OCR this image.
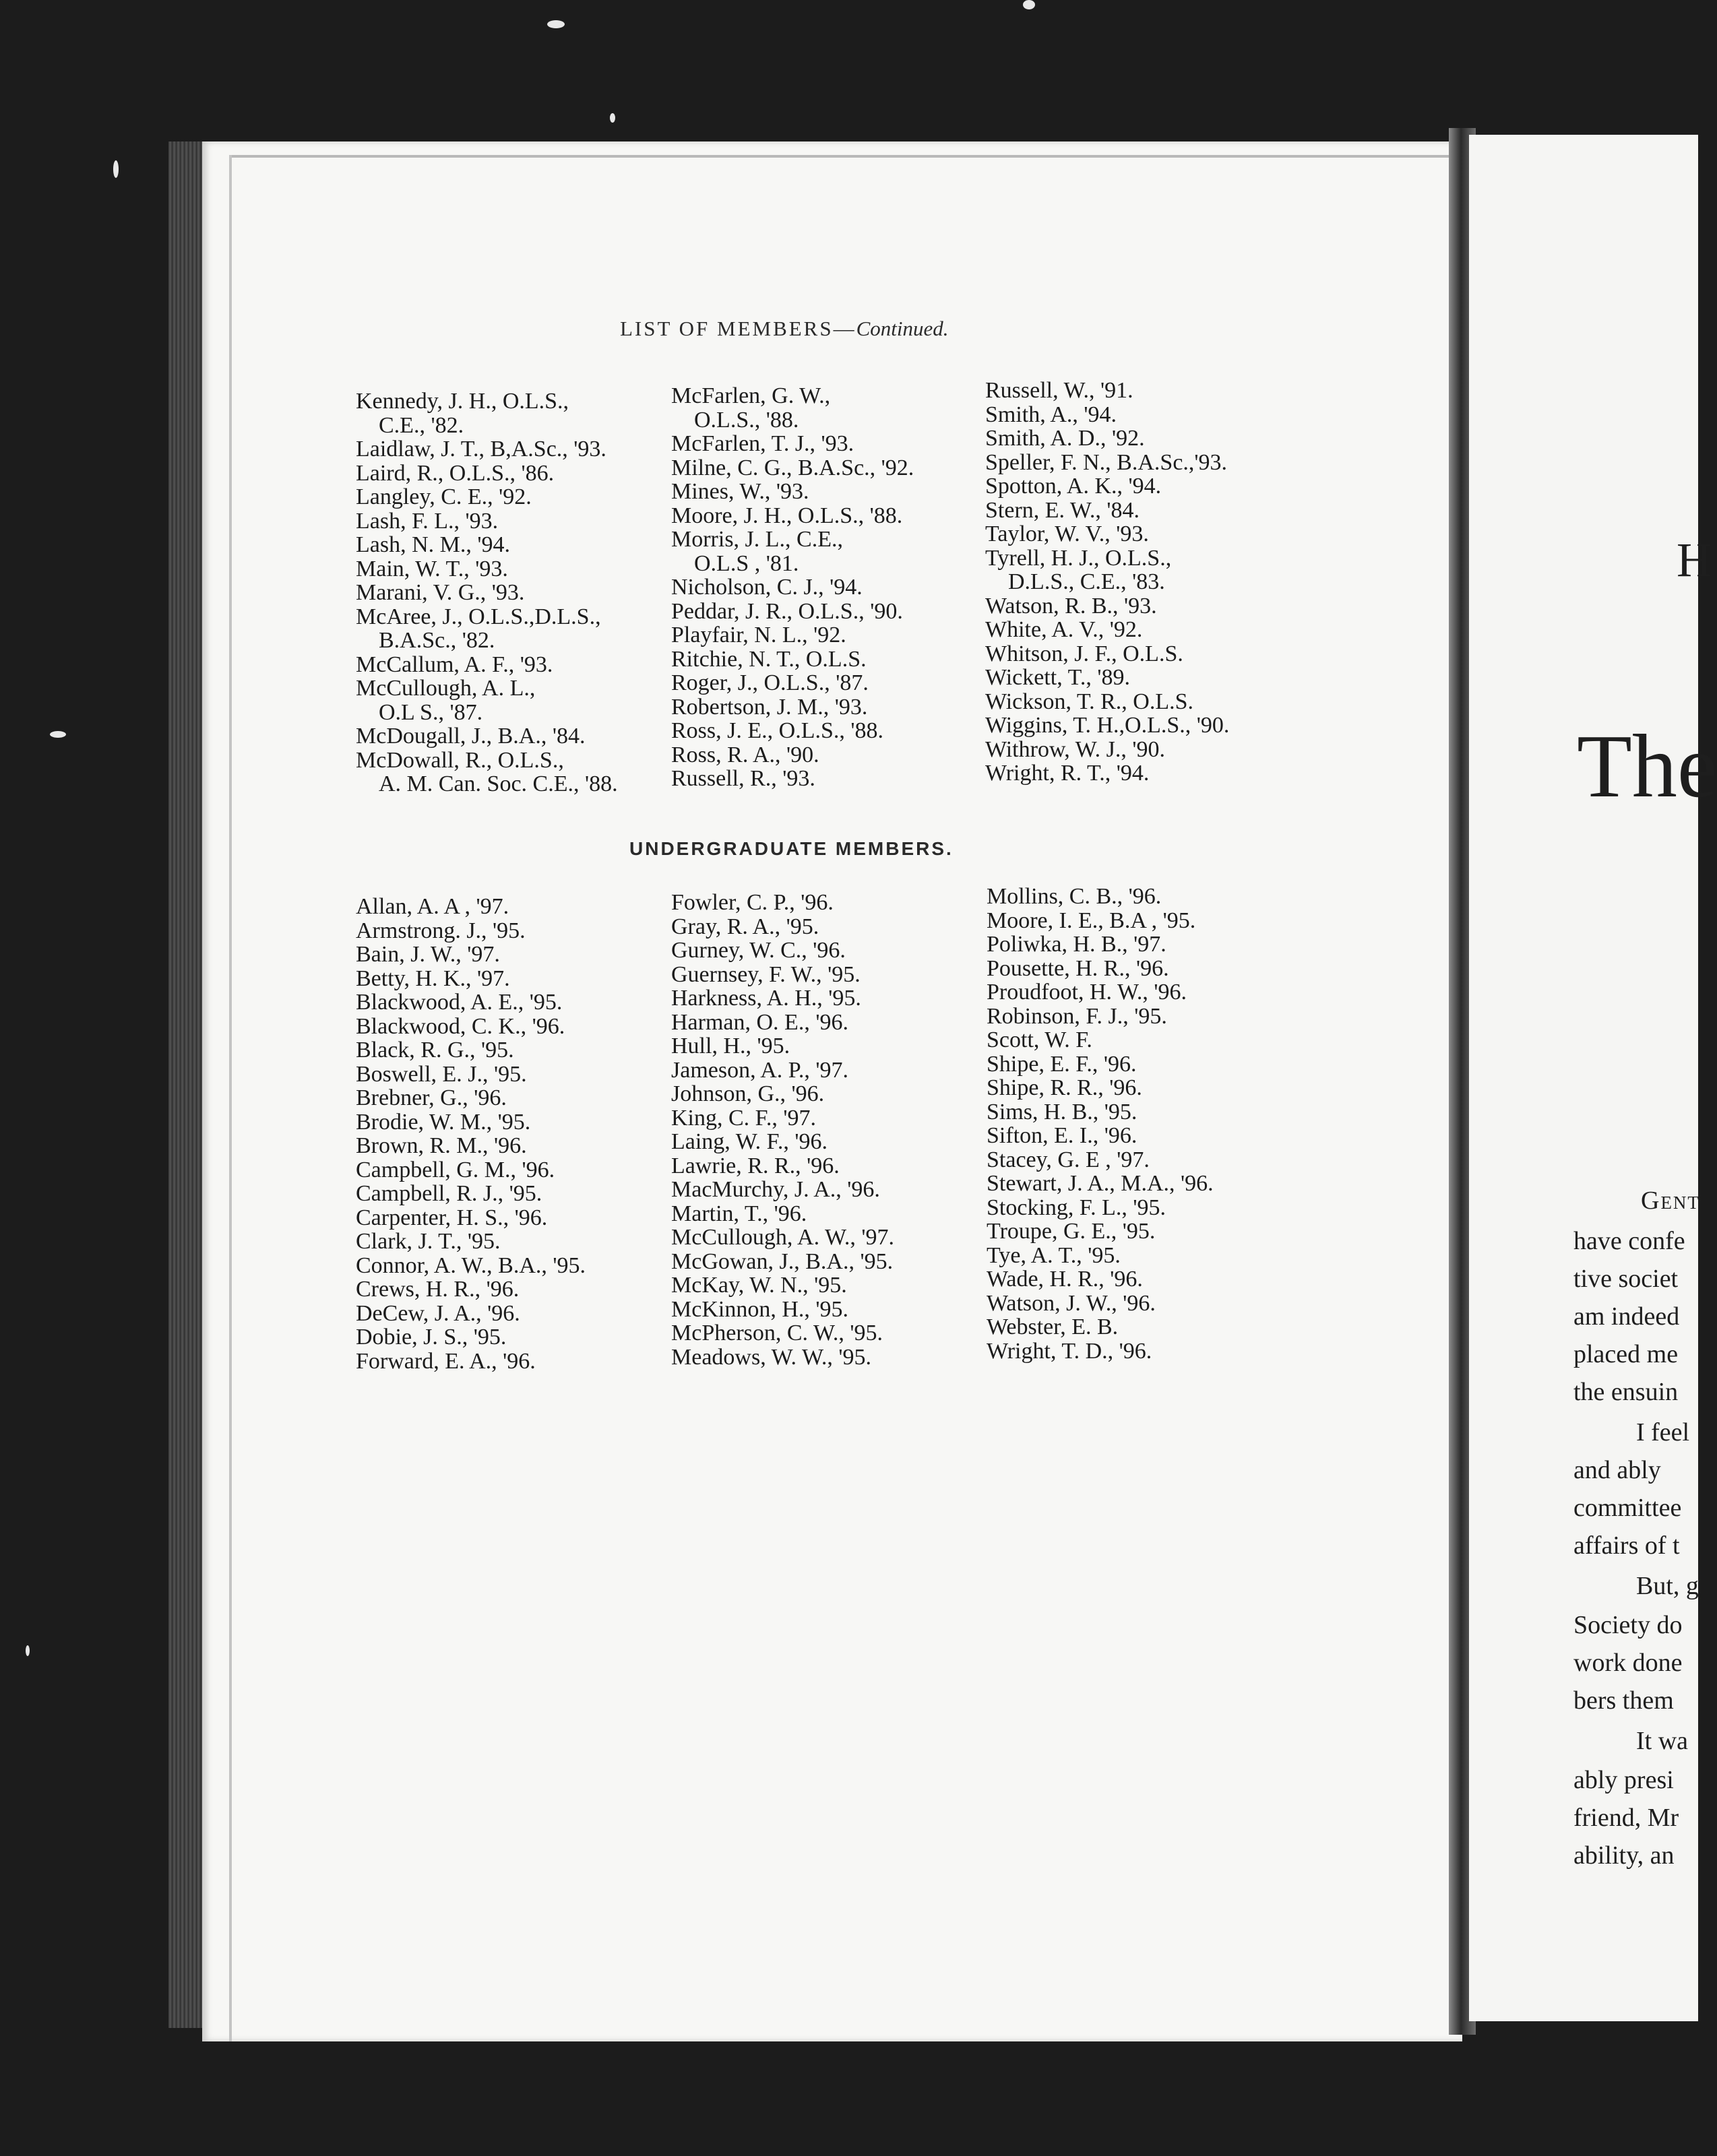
LIST OF MEMBERS—Continued.
Kennedy, J. H., O.L.S.,
C.E., '82.
Laidlaw, J. T., B,A.Sc., '93.
Laird, R., O.L.S., '86.
Langley, C. E., '92.
Lash, F. L., '93.
Lash, N. M., '94.
Main, W. T., '93.
Marani, V. G., '93.
McAree, J., O.L.S.,D.L.S.,
B.A.Sc., '82.
McCallum, A. F., '93.
McCullough, A. L.,
O.L S., '87.
McDougall, J., B.A., '84.
McDowall, R., O.L.S.,
A. M. Can. Soc. C.E., '88.
McFarlen, G. W.,
O.L.S., '88.
McFarlen, T. J., '93.
Milne, C. G., B.A.Sc., '92.
Mines, W., '93.
Moore, J. H., O.L.S., '88.
Morris, J. L., C.E.,
O.L.S , '81.
Nicholson, C. J., '94.
Peddar, J. R., O.L.S., '90.
Playfair, N. L., '92.
Ritchie, N. T., O.L.S.
Roger, J., O.L.S., '87.
Robertson, J. M., '93.
Ross, J. E., O.L.S., '88.
Ross, R. A., '90.
Russell, R., '93.
Russell, W., '91.
Smith, A., '94.
Smith, A. D., '92.
Speller, F. N., B.A.Sc.,'93.
Spotton, A. K., '94.
Stern, E. W., '84.
Taylor, W. V., '93.
Tyrell, H. J., O.L.S.,
D.L.S., C.E., '83.
Watson, R. B., '93.
White, A. V., '92.
Whitson, J. F., O.L.S.
Wickett, T., '89.
Wickson, T. R., O.L.S.
Wiggins, T. H.,O.L.S., '90.
Withrow, W. J., '90.
Wright, R. T., '94.
UNDERGRADUATE MEMBERS.
Allan, A. A , '97.
Armstrong. J., '95.
Bain, J. W., '97.
Betty, H. K., '97.
Blackwood, A. E., '95.
Blackwood, C. K., '96.
Black, R. G., '95.
Boswell, E. J., '95.
Brebner, G., '96.
Brodie, W. M., '95.
Brown, R. M., '96.
Campbell, G. M., '96.
Campbell, R. J., '95.
Carpenter, H. S., '96.
Clark, J. T., '95.
Connor, A. W., B.A., '95.
Crews, H. R., '96.
DeCew, J. A., '96.
Dobie, J. S., '95.
Forward, E. A., '96.
Fowler, C. P., '96.
Gray, R. A., '95.
Gurney, W. C., '96.
Guernsey, F. W., '95.
Harkness, A. H., '95.
Harman, O. E., '96.
Hull, H., '95.
Jameson, A. P., '97.
Johnson, G., '96.
King, C. F., '97.
Laing, W. F., '96.
Lawrie, R. R., '96.
MacMurchy, J. A., '96.
Martin, T., '96.
McCullough, A. W., '97.
McGowan, J., B.A., '95.
McKay, W. N., '95.
McKinnon, H., '95.
McPherson, C. W., '95.
Meadows, W. W., '95.
Mollins, C. B., '96.
Moore, I. E., B.A , '95.
Poliwka, H. B., '97.
Pousette, H. R., '96.
Proudfoot, H. W., '96.
Robinson, F. J., '95.
Scott, W. F.
Shipe, E. F., '96.
Shipe, R. R., '96.
Sims, H. B., '95.
Sifton, E. I., '96.
Stacey, G. E , '97.
Stewart, J. A., M.A., '96.
Stocking, F. L., '95.
Troupe, G. E., '95.
Tye, A. T., '95.
Wade, H. R., '96.
Watson, J. W., '96.
Webster, E. B.
Wright, T. D., '96.
H
The
Gent
have confe
tive societ
am indeed
placed me
the ensuin
I feel
and ably
committee
affairs of t
But, g
Society do
work done
bers them
It wa
ably presi
friend, Mr
ability, an
